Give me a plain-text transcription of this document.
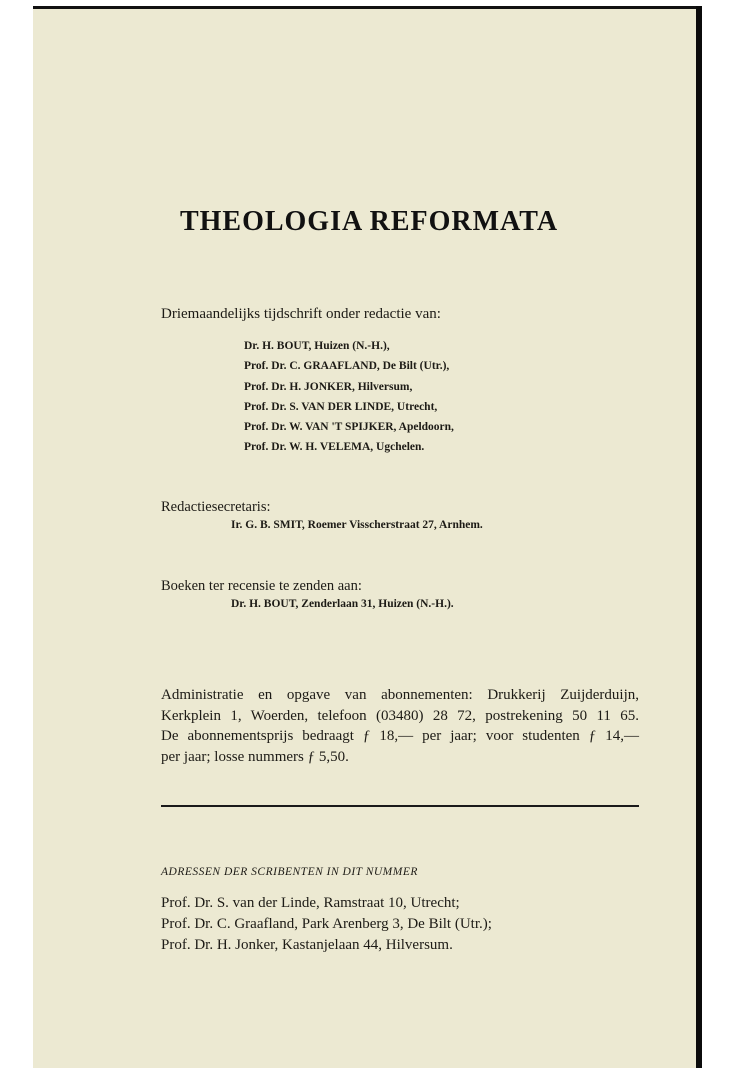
THEOLOGIA REFORMATA
Driemaandelijks tijdschrift onder redactie van:
Dr. H. BOUT, Huizen (N.-H.),
Prof. Dr. C. GRAAFLAND, De Bilt (Utr.),
Prof. Dr. H. JONKER, Hilversum,
Prof. Dr. S. VAN DER LINDE, Utrecht,
Prof. Dr. W. VAN 'T SPIJKER, Apeldoorn,
Prof. Dr. W. H. VELEMA, Ugchelen.
Redactiesecretaris:
Ir. G. B. SMIT, Roemer Visscherstraat 27, Arnhem.
Boeken ter recensie te zenden aan:
Dr. H. BOUT, Zenderlaan 31, Huizen (N.-H.).
Administratie en opgave van abonnementen: Drukkerij Zuijderduijn,
Kerkplein 1, Woerden, telefoon (03480) 28 72, postrekening 50 11 65.
De abonnementsprijs bedraagt ƒ 18,— per jaar; voor studenten ƒ 14,—
per jaar; losse nummers ƒ 5,50.
ADRESSEN DER SCRIBENTEN IN DIT NUMMER
Prof. Dr. S. van der Linde, Ramstraat 10, Utrecht;
Prof. Dr. C. Graafland, Park Arenberg 3, De Bilt (Utr.);
Prof. Dr. H. Jonker, Kastanjelaan 44, Hilversum.
